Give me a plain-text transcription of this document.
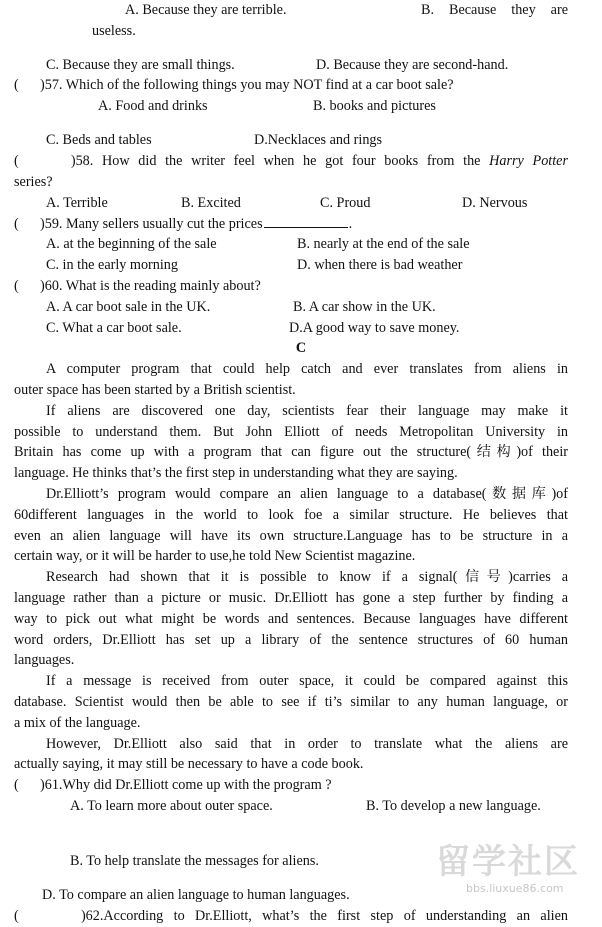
A. Because they are terrible.	B. Because they are
useless.
C. Because they are small things.	D. Because they are second-hand.
(      )57. Which of the following things you may NOT find at a car boot sale?
A. Food and drinks	B. books and pictures
C. Beds and tables	D.Necklaces and rings
(      )58. How did the writer feel when he got four books from the Harry Potter
series?
A. Terrible	B. Excited	C. Proud	D. Nervous
(      )59. Many sellers usually cut the prices	.
A. at the beginning of the sale	B. nearly at the end of the sale
C. in the early morning	D. when there is bad weather
(      )60. What is the reading mainly about?
A. A car boot sale in the UK.	B. A car show in the UK.
C. What a car boot sale.	D.A good way to save money.
C
A computer program that could help catch and ever translates from aliens in
outer space has been started by a British scientist.
If aliens are discovered one day, scientists fear their language may make it
possible to understand them. But John Elliott of needs Metropolitan University in
Britain has come up with a program that can figure out the structure(结构)of their
language. He thinks that’s the first step in understanding what they are saying.
Dr.Elliott’s program would compare an alien language to a database(数据库)of
60different languages in the world to look foe a similar structure. He believes that
even an alien language will have its own structure.Language has to be structure in a
certain way, or it will be harder to use,he told New Scientist magazine.
Research had shown that it is possible to know if a signal(信号)carries a
language rather than a picture or music. Dr.Elliott has gone a step further by finding a
way to pick out what might be words and sentences. Because languages have different
word orders, Dr.Elliott has set up a library of the sentence structures of 60 human
languages.
If a message is received from outer space, it could be compared against this
database. Scientist would then be able to see if ti’s similar to any human language, or
a mix of the language.
However, Dr.Elliott also said that in order to translate what the aliens are
actually saying, it may still be necessary to have a code book.
(      )61.Why did Dr.Elliott come up with the program ?
A. To learn more about outer space.	B. To develop a new language.
B. To help translate the messages for aliens.
D. To compare an alien language to human languages.
(      )62.According to Dr.Elliott, what’s the first step of understanding an alien
留学社区
bbs.liuxue86.com
